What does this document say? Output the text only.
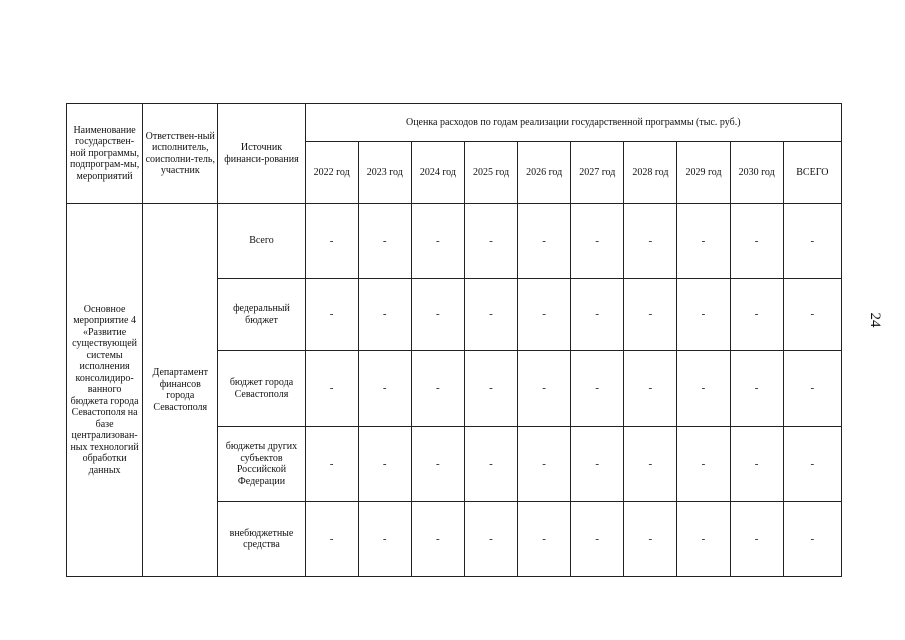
Наименование государствен-ной программы, подпрограм-мы, мероприятий	Ответствен-ный исполнитель, соисполни-тель, участник	Источник финанси-рования	Оценка расходов по годам реализации государственной программы (тыс. руб.)									
			2022 год	2023 год	2024 год	2025 год	2026 год	2027 год	2028 год	2029 год	2030 год	ВСЕГО
Основное мероприятие 4 «Развитие существующей системы исполнения консолидиро-ванного бюджета города Севастополя на базе централизован-ных технологий обработки данных	Департамент финансов города Севастополя	Всего	-	-	-	-	-	-	-	-	-	-
		федеральный бюджет	-	-	-	-	-	-	-	-	-	-
		бюджет города Севастополя	-	-	-	-	-	-	-	-	-	-
		бюджеты других субъектов Российской Федерации	-	-	-	-	-	-	-	-	-	-
		внебюджетные средства	-	-	-	-	-	-	-	-	-	-
24
